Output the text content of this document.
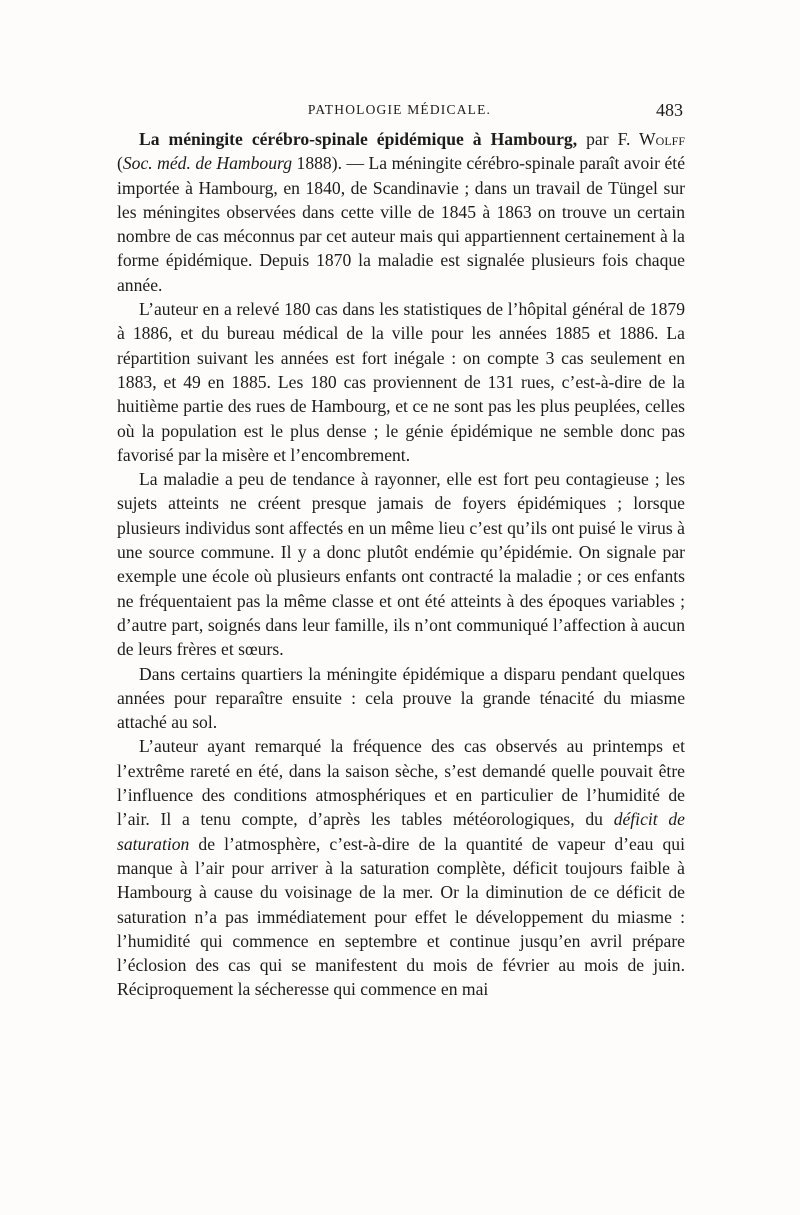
PATHOLOGIE MÉDICALE.	483

La méningite cérébro-spinale épidémique à Hambourg, par F. Wolff (Soc. méd. de Hambourg 1888). — La méningite cérébro-spinale paraît avoir été importée à Hambourg, en 1840, de Scandinavie ; dans un travail de Tüngel sur les méningites observées dans cette ville de 1845 à 1863 on trouve un certain nombre de cas méconnus par cet auteur mais qui appartiennent certainement à la forme épidémique. Depuis 1870 la maladie est signalée plusieurs fois chaque année.

L’auteur en a relevé 180 cas dans les statistiques de l’hôpital général de 1879 à 1886, et du bureau médical de la ville pour les années 1885 et 1886. La répartition suivant les années est fort inégale : on compte 3 cas seulement en 1883, et 49 en 1885. Les 180 cas proviennent de 131 rues, c’est-à-dire de la huitième partie des rues de Hambourg, et ce ne sont pas les plus peuplées, celles où la population est le plus dense ; le génie épidémique ne semble donc pas favorisé par la misère et l’encombrement.

La maladie a peu de tendance à rayonner, elle est fort peu contagieuse ; les sujets atteints ne créent presque jamais de foyers épidémiques ; lorsque plusieurs individus sont affectés en un même lieu c’est qu’ils ont puisé le virus à une source commune. Il y a donc plutôt endémie qu’épidémie. On signale par exemple une école où plusieurs enfants ont contracté la maladie ; or ces enfants ne fréquentaient pas la même classe et ont été atteints à des époques variables ; d’autre part, soignés dans leur famille, ils n’ont communiqué l’affection à aucun de leurs frères et sœurs.

Dans certains quartiers la méningite épidémique a disparu pendant quelques années pour reparaître ensuite : cela prouve la grande ténacité du miasme attaché au sol.

L’auteur ayant remarqué la fréquence des cas observés au printemps et l’extrême rareté en été, dans la saison sèche, s’est demandé quelle pouvait être l’influence des conditions atmosphériques et en particulier de l’humidité de l’air. Il a tenu compte, d’après les tables météorologiques, du déficit de saturation de l’atmosphère, c’est-à-dire de la quantité de vapeur d’eau qui manque à l’air pour arriver à la saturation complète, déficit toujours faible à Hambourg à cause du voisinage de la mer. Or la diminution de ce déficit de saturation n’a pas immédiatement pour effet le développement du miasme : l’humidité qui commence en septembre et continue jusqu’en avril prépare l’éclosion des cas qui se manifestent du mois de février au mois de juin. Réciproquement la sécheresse qui commence en mai
